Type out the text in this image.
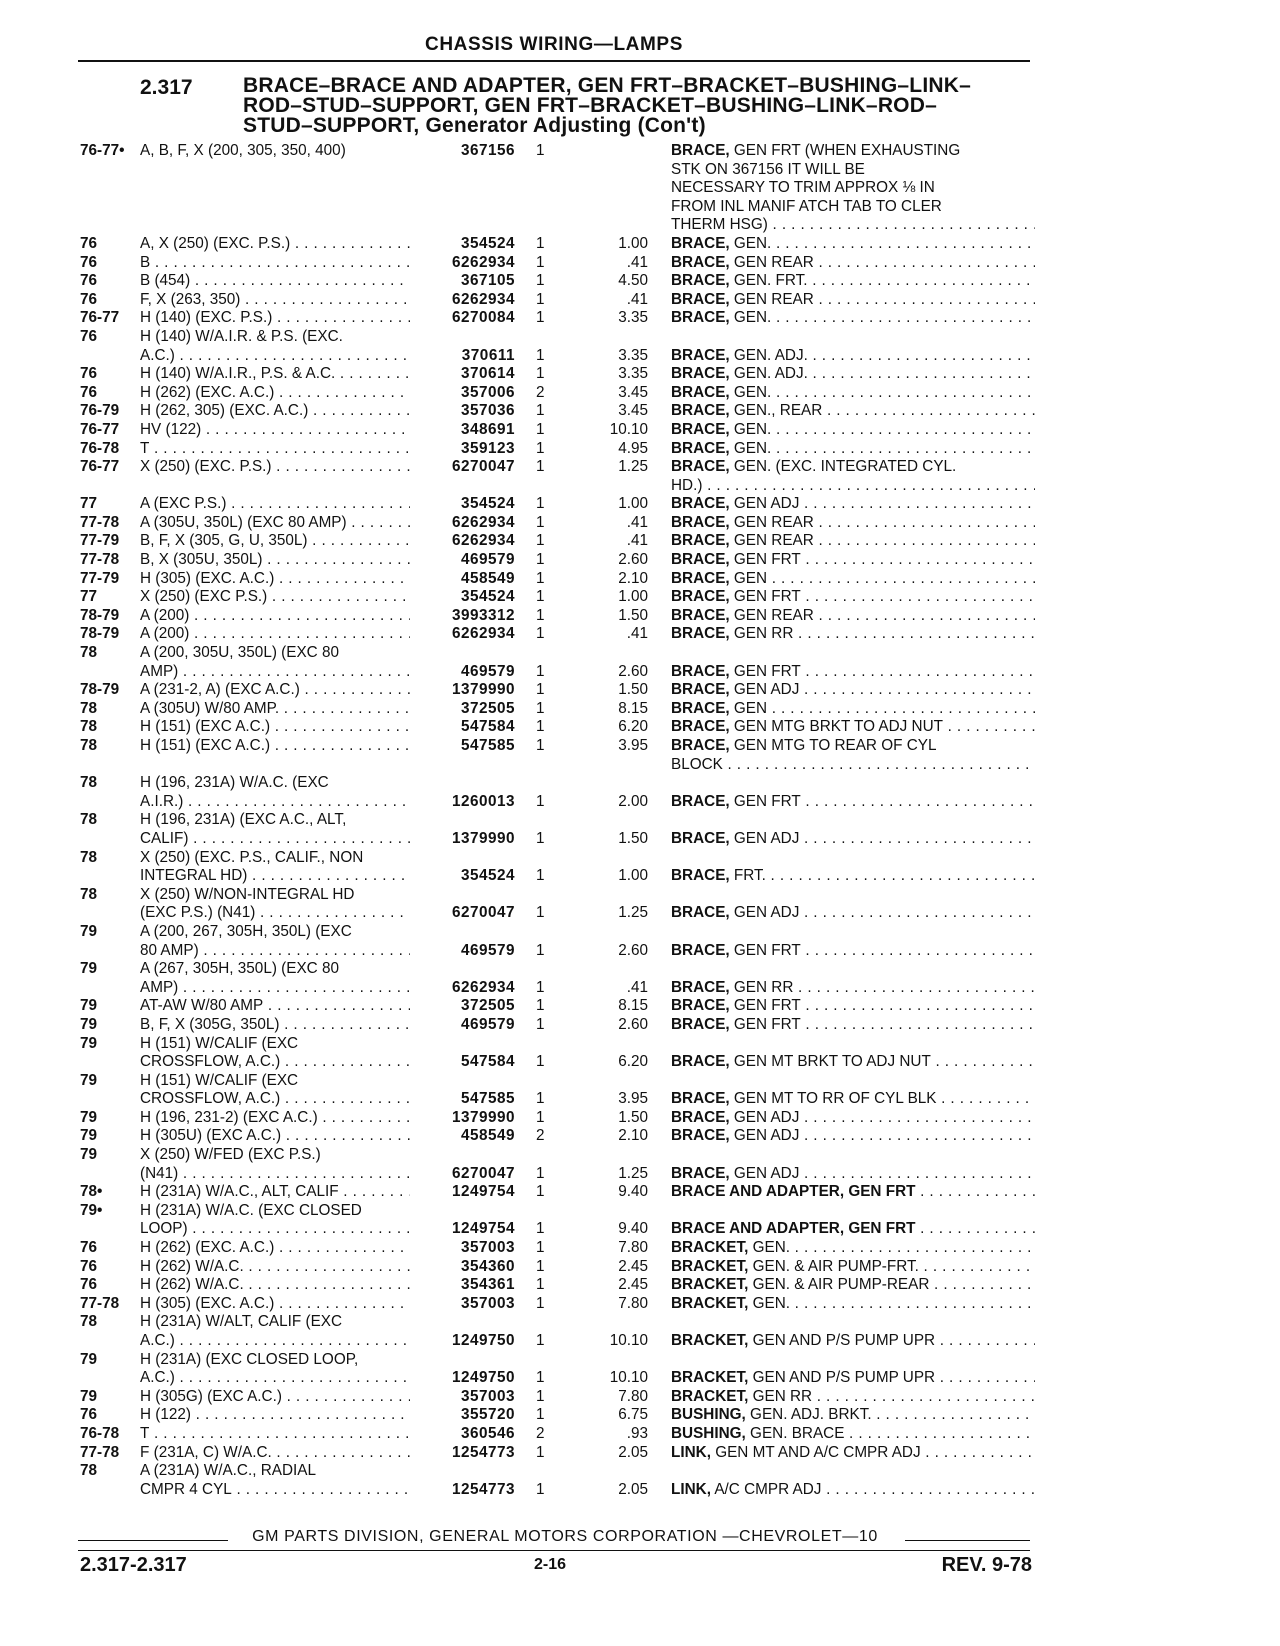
CHASSIS WIRING—LAMPS
2.317 BRACE–BRACE AND ADAPTER, GEN FRT–BRACKET–BUSHING–LINK–
ROD–STUD–SUPPORT, GEN FRT–BRACKET–BUSHING–LINK–ROD–
STUD–SUPPORT, Generator Adjusting (Con't)
76-77• A, B, F, X (200, 305, 350, 400)	367156 1	BRACE, GEN FRT (WHEN EXHAUSTING
STK ON 367156 IT WILL BE
NECESSARY TO TRIM APPROX ⅛ IN
FROM INL MANIF ATCH TAB TO CLER
THERM HSG) . . .
76	A, X (250) (EXC. P.S.) . . .	354524 1	1.00 BRACE, GEN. . . .
76	B . . .	6262934 1	.41 BRACE, GEN REAR . . .
76	B (454) . . .	367105 1	4.50 BRACE, GEN. FRT. . . .
76	F, X (263, 350) . . .	6262934 1	.41 BRACE, GEN REAR . . .
76-77 H (140) (EXC. P.S.) . . .	6270084 1	3.35 BRACE, GEN. . . .
76	H (140) W/A.I.R. & P.S. (EXC.
A.C.) . . .	370611 1	3.35 BRACE, GEN. ADJ. . . .
76	H (140) W/A.I.R., P.S. & A.C. . . .	370614 1	3.35 BRACE, GEN. ADJ. . . .
76	H (262) (EXC. A.C.) . . .	357006 2	3.45 BRACE, GEN. . . .
76-79 H (262, 305) (EXC. A.C.) . . .	357036 1	3.45 BRACE, GEN., REAR . . .
76-77 HV (122) . . .	348691 1	10.10 BRACE, GEN. . . .
76-78 T . . .	359123 1	4.95 BRACE, GEN. . . .
76-77 X (250) (EXC. P.S.) . . .	6270047 1	1.25 BRACE, GEN. (EXC. INTEGRATED CYL.
HD.) . . .
77	A (EXC P.S.) . . .	354524 1	1.00 BRACE, GEN ADJ . . .
77-78 A (305U, 350L) (EXC 80 AMP) . . .	6262934 1	.41 BRACE, GEN REAR . . .
77-79 B, F, X (305, G, U, 350L) . . .	6262934 1	.41 BRACE, GEN REAR . . .
77-78 B, X (305U, 350L) . . .	469579 1	2.60 BRACE, GEN FRT . . .
77-79 H (305) (EXC. A.C.) . . .	458549 1	2.10 BRACE, GEN . . .
77	X (250) (EXC P.S.) . . .	354524 1	1.00 BRACE, GEN FRT . . .
78-79 A (200) . . .	3993312 1	1.50 BRACE, GEN REAR . . .
78-79 A (200) . . .	6262934 1	.41 BRACE, GEN RR . . .
78	A (200, 305U, 350L) (EXC 80
AMP) . . .	469579 1	2.60 BRACE, GEN FRT . . .
78-79 A (231-2, A) (EXC A.C.) . . .	1379990 1	1.50 BRACE, GEN ADJ . . .
78	A (305U) W/80 AMP. . . .	372505 1	8.15 BRACE, GEN . . .
78	H (151) (EXC A.C.) . . .	547584 1	6.20 BRACE, GEN MTG BRKT TO ADJ NUT . . .
78	H (151) (EXC A.C.) . . .	547585 1	3.95 BRACE, GEN MTG TO REAR OF CYL
BLOCK . . .
78	H (196, 231A) W/A.C. (EXC
A.I.R.) . . .	1260013 1	2.00 BRACE, GEN FRT . . .
78	H (196, 231A) (EXC A.C., ALT,
CALIF) . . .	1379990 1	1.50 BRACE, GEN ADJ . . .
78	X (250) (EXC. P.S., CALIF., NON
INTEGRAL HD) . . .	354524 1	1.00 BRACE, FRT. . . .
78	X (250) W/NON-INTEGRAL HD
(EXC P.S.) (N41) . . .	6270047 1	1.25 BRACE, GEN ADJ . . .
79	A (200, 267, 305H, 350L) (EXC
80 AMP) . . .	469579 1	2.60 BRACE, GEN FRT . . .
79	A (267, 305H, 350L) (EXC 80
AMP) . . .	6262934 1	.41 BRACE, GEN RR . . .
79	AT-AW W/80 AMP . . .	372505 1	8.15 BRACE, GEN FRT . . .
79	B, F, X (305G, 350L) . . .	469579 1	2.60 BRACE, GEN FRT . . .
79	H (151) W/CALIF (EXC
CROSSFLOW, A.C.) . . .	547584 1	6.20 BRACE, GEN MT BRKT TO ADJ NUT . . .
79	H (151) W/CALIF (EXC
CROSSFLOW, A.C.) . . .	547585 1	3.95 BRACE, GEN MT TO RR OF CYL BLK . . .
79	H (196, 231-2) (EXC A.C.) . . .	1379990 1	1.50 BRACE, GEN ADJ . . .
79	H (305U) (EXC A.C.) . . .	458549 2	2.10 BRACE, GEN ADJ . . .
79	X (250) W/FED (EXC P.S.)
(N41) . . .	6270047 1	1.25 BRACE, GEN ADJ . . .
78• H (231A) W/A.C., ALT, CALIF . . .	1249754 1	9.40 BRACE AND ADAPTER, GEN FRT . . .
79• H (231A) W/A.C. (EXC CLOSED
LOOP) . . .	1249754 1	9.40 BRACE AND ADAPTER, GEN FRT . . .
76	H (262) (EXC. A.C.) . . .	357003 1	7.80 BRACKET, GEN. . . .
76	H (262) W/A.C. . . .	354360 1	2.45 BRACKET, GEN. & AIR PUMP-FRT. . . .
76	H (262) W/A.C. . . .	354361 1	2.45 BRACKET, GEN. & AIR PUMP-REAR . . .
77-78 H (305) (EXC. A.C.) . . .	357003 1	7.80 BRACKET, GEN. . . .
78	H (231A) W/ALT, CALIF (EXC
A.C.) . . .	1249750 1	10.10 BRACKET, GEN AND P/S PUMP UPR . . .
79	H (231A) (EXC CLOSED LOOP,
A.C.) . . .	1249750 1	10.10 BRACKET, GEN AND P/S PUMP UPR . . .
79	H (305G) (EXC A.C.) . . .	357003 1	7.80 BRACKET, GEN RR . . .
76	H (122) . . .	355720 1	6.75 BUSHING, GEN. ADJ. BRKT. . . .
76-78 T . . .	360546 2	.93 BUSHING, GEN. BRACE . . .
77-78 F (231A, C) W/A.C. . . .	1254773 1	2.05 LINK, GEN MT AND A/C CMPR ADJ . . .
78	A (231A) W/A.C., RADIAL
CMPR 4 CYL . . .	1254773 1	2.05 LINK, A/C CMPR ADJ . . .
GM PARTS DIVISION, GENERAL MOTORS CORPORATION —CHEVROLET—10
2.317-2.317	2-16	REV. 9-78
